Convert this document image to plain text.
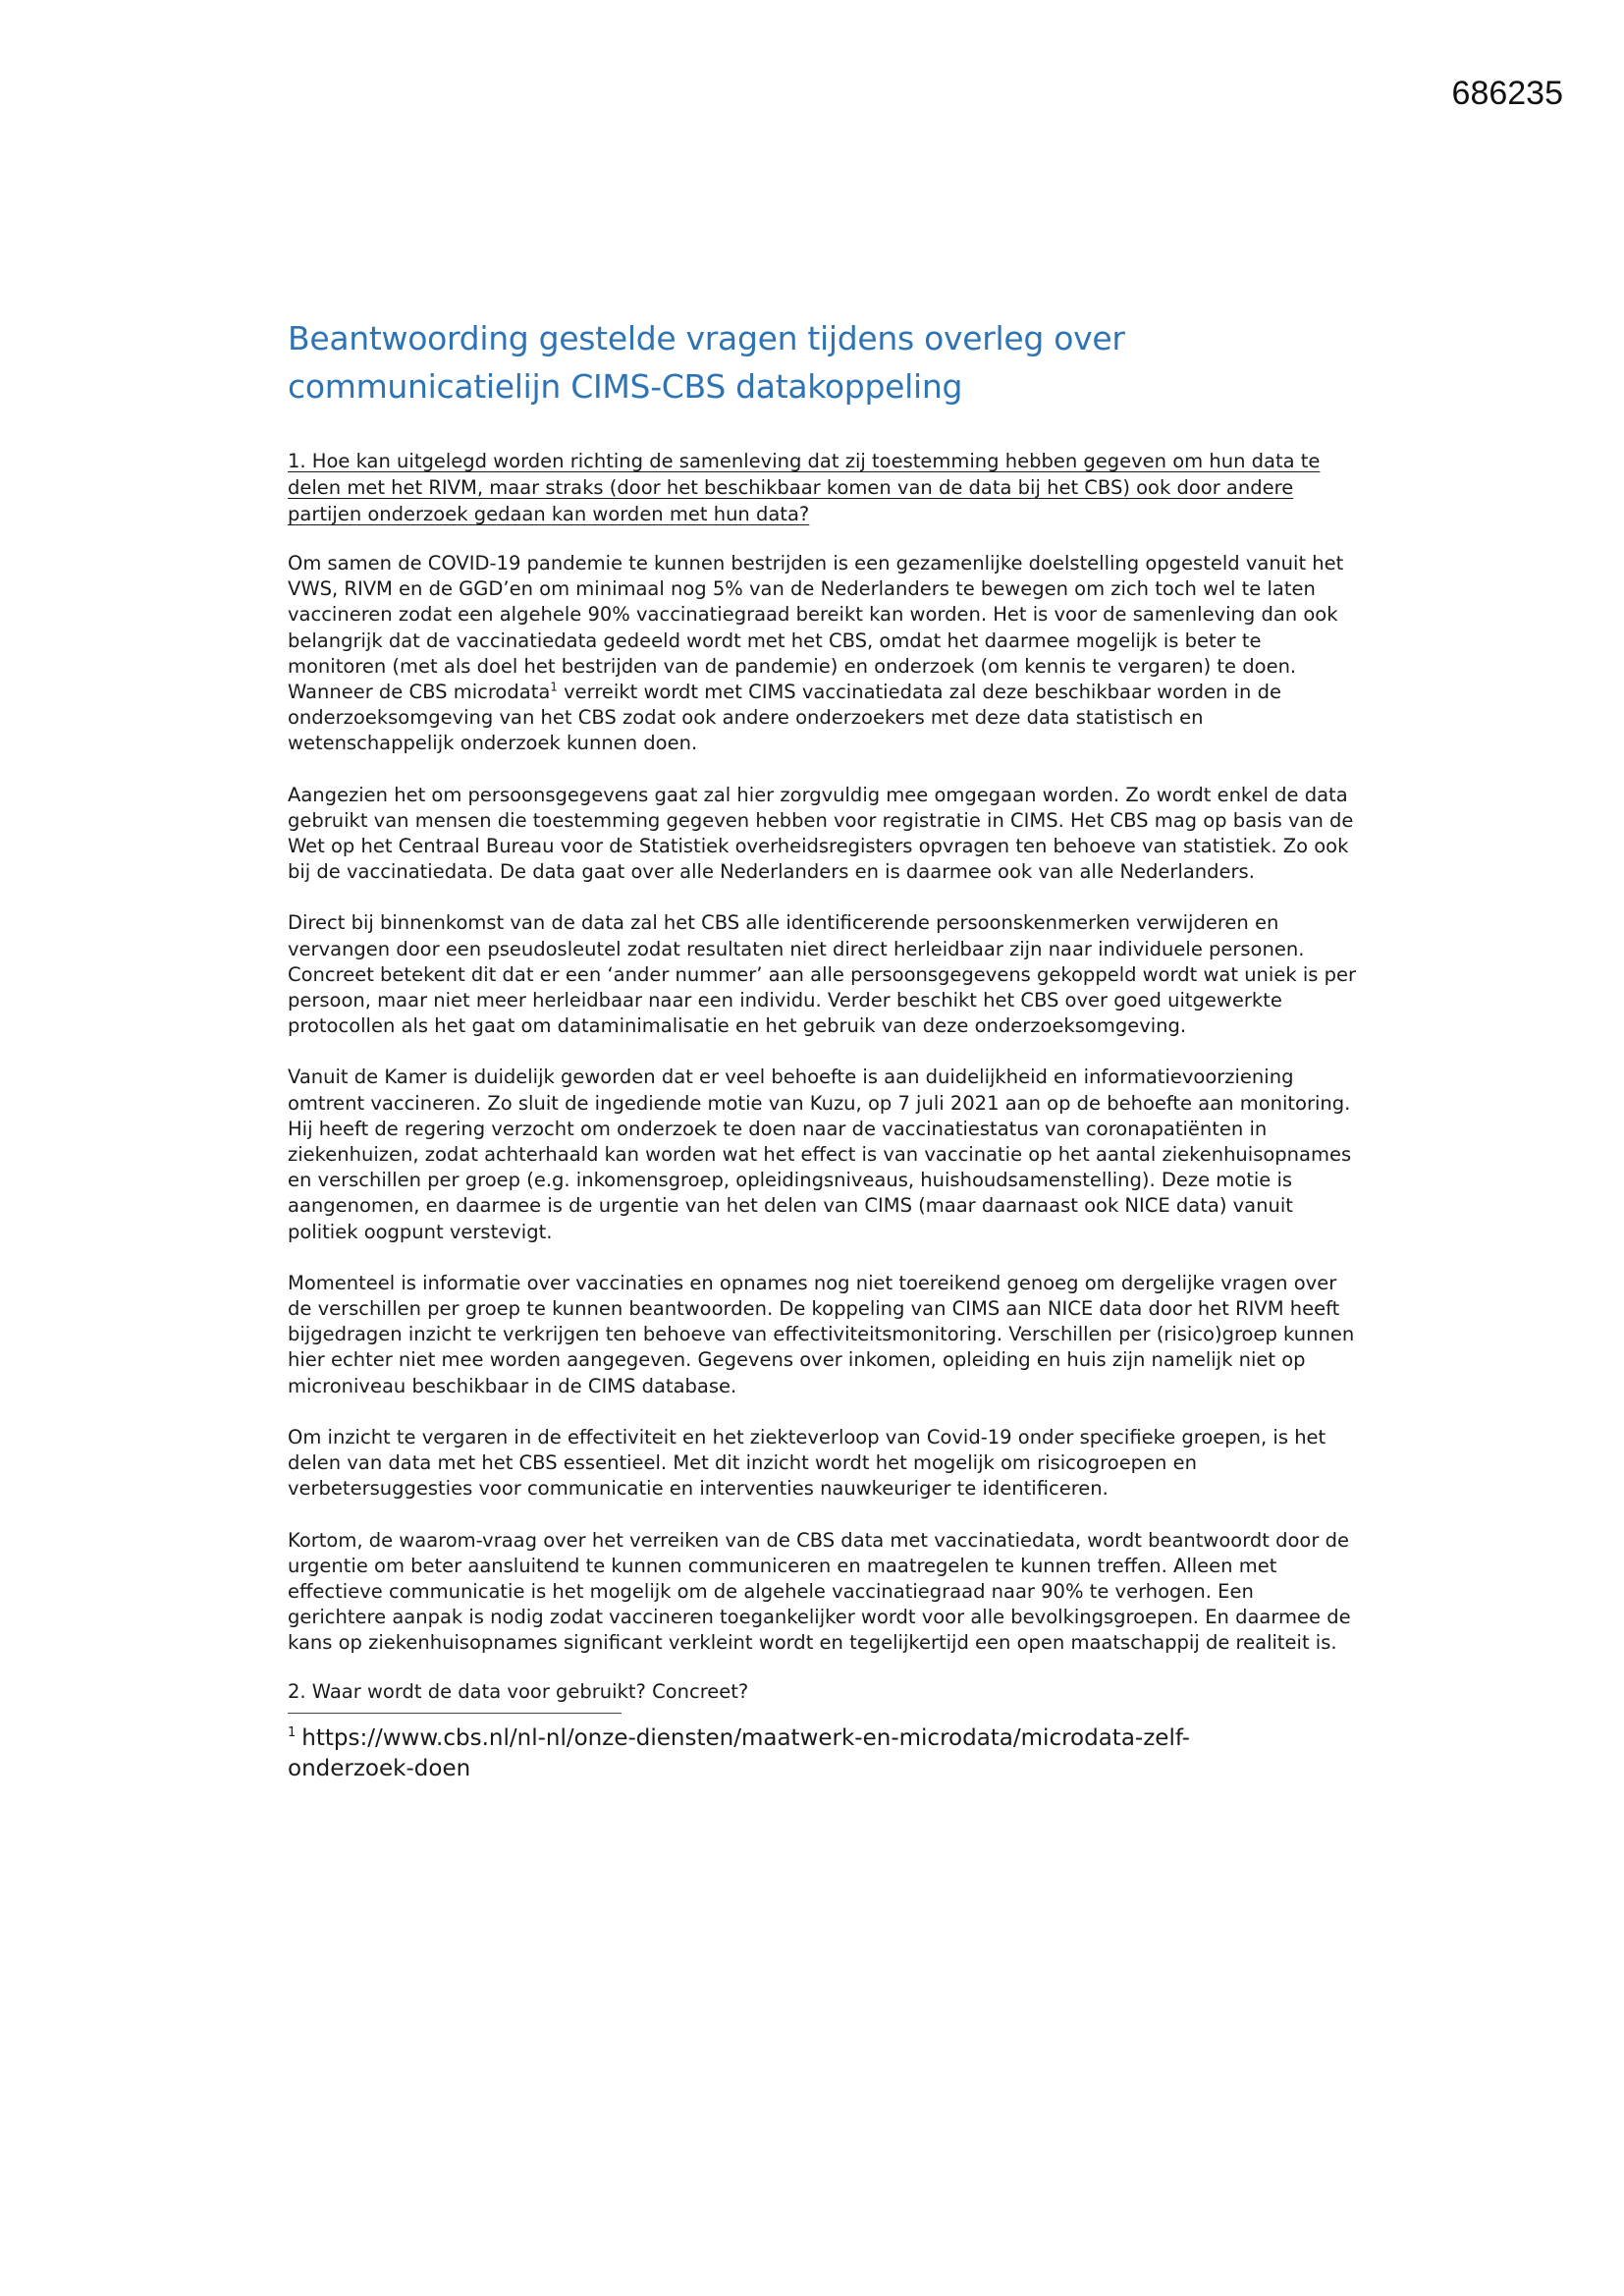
686235
Beantwoording gestelde vragen tijdens overleg over communicatielijn CIMS-CBS datakoppeling

1. Hoe kan uitgelegd worden richting de samenleving dat zij toestemming hebben gegeven om hun data te delen met het RIVM, maar straks (door het beschikbaar komen van de data bij het CBS) ook door andere partijen onderzoek gedaan kan worden met hun data?

Om samen de COVID-19 pandemie te kunnen bestrijden is een gezamenlijke doelstelling opgesteld vanuit het VWS, RIVM en de GGD’en om minimaal nog 5% van de Nederlanders te bewegen om zich toch wel te laten vaccineren zodat een algehele 90% vaccinatiegraad bereikt kan worden. Het is voor de samenleving dan ook belangrijk dat de vaccinatiedata gedeeld wordt met het CBS, omdat het daarmee mogelijk is beter te monitoren (met als doel het bestrijden van de pandemie) en onderzoek (om kennis te vergaren) te doen.

Wanneer de CBS microdata$^1$ verreikt wordt met CIMS vaccinatiedata zal deze beschikbaar worden in de onderzoeksomgeving van het CBS zodat ook andere onderzoekers met deze data statistisch en wetenschappelijk onderzoek kunnen doen.

Aangezien het om persoonsgegevens gaat zal hier zorgvuldig mee omgegaan worden. Zo wordt enkel de data gebruikt van mensen die toestemming gegeven hebben voor registratie in CIMS. Het CBS mag op basis van de Wet op het Centraal Bureau voor de Statistiek overheidsregisters opvragen ten behoeve van statistiek. Zo ook bij de vaccinatiedata. De data gaat over alle Nederlanders en is daarmee ook van alle Nederlanders.

Direct bij binnenkomst van de data zal het CBS alle identificerende persoonskenmerken verwijderen en vervangen door een pseudosleutel zodat resultaten niet direct herleidbaar zijn naar individuele personen. Concreet betekent dit dat er een ‘ander nummer’ aan alle persoonsgegevens gekoppeld wordt wat uniek is per persoon, maar niet meer herleidbaar naar een individu. Verder beschikt het CBS over goed uitgewerkte protocollen als het gaat om dataminimalisatie en het gebruik van deze onderzoeksomgeving.

Vanuit de Kamer is duidelijk geworden dat er veel behoefte is aan duidelijkheid en informatievoorziening omtrent vaccineren. Zo sluit de ingediende motie van Kuzu, op 7 juli 2021 aan op de behoefte aan monitoring. Hij heeft de regering verzocht om onderzoek te doen naar de vaccinatiestatus van coronapatiënten in ziekenhuizen, zodat achterhaald kan worden wat het effect is van vaccinatie op het aantal ziekenhuisopnames en verschillen per groep (e.g. inkomensgroep, opleidingsniveaus, huishoudsamenstelling). Deze motie is aangenomen, en daarmee is de urgentie van het delen van CIMS (maar daarnaast ook NICE data) vanuit politiek oogpunt verstevigt.

Momenteel is informatie over vaccinaties en opnames nog niet toereikend genoeg om dergelijke vragen over de verschillen per groep te kunnen beantwoorden. De koppeling van CIMS aan NICE data door het RIVM heeft bijgedragen inzicht te verkrijgen ten behoeve van effectiviteitsmonitoring. Verschillen per (risico)groep kunnen hier echter niet mee worden aangegeven. Gegevens over inkomen, opleiding en huis zijn namelijk niet op microniveau beschikbaar in de CIMS database.

Om inzicht te vergaren in de effectiviteit en het ziekteverloop van Covid-19 onder specifieke groepen, is het delen van data met het CBS essentieel. Met dit inzicht wordt het mogelijk om risicogroepen en verbetersuggesties voor communicatie en interventies nauwkeuriger te identificeren.

Kortom, de waarom-vraag over het verreiken van de CBS data met vaccinatiedata, wordt beantwoordt door de urgentie om beter aansluitend te kunnen communiceren en maatregelen te kunnen treffen. Alleen met effectieve communicatie is het mogelijk om de algehele vaccinatiegraad naar 90% te verhogen. Een gerichtere aanpak is nodig zodat vaccineren toegankelijker wordt voor alle bevolkingsgroepen. En daarmee de kans op ziekenhuisopnames significant verkleint wordt en tegelijkertijd een open maatschappij de realiteit is.

2. Waar wordt de data voor gebruikt? Concreet?

$^1$ https://www.cbs.nl/nl-nl/onze-diensten/maatwerk-en-microdata/microdata-zelf-onderzoek-doen
